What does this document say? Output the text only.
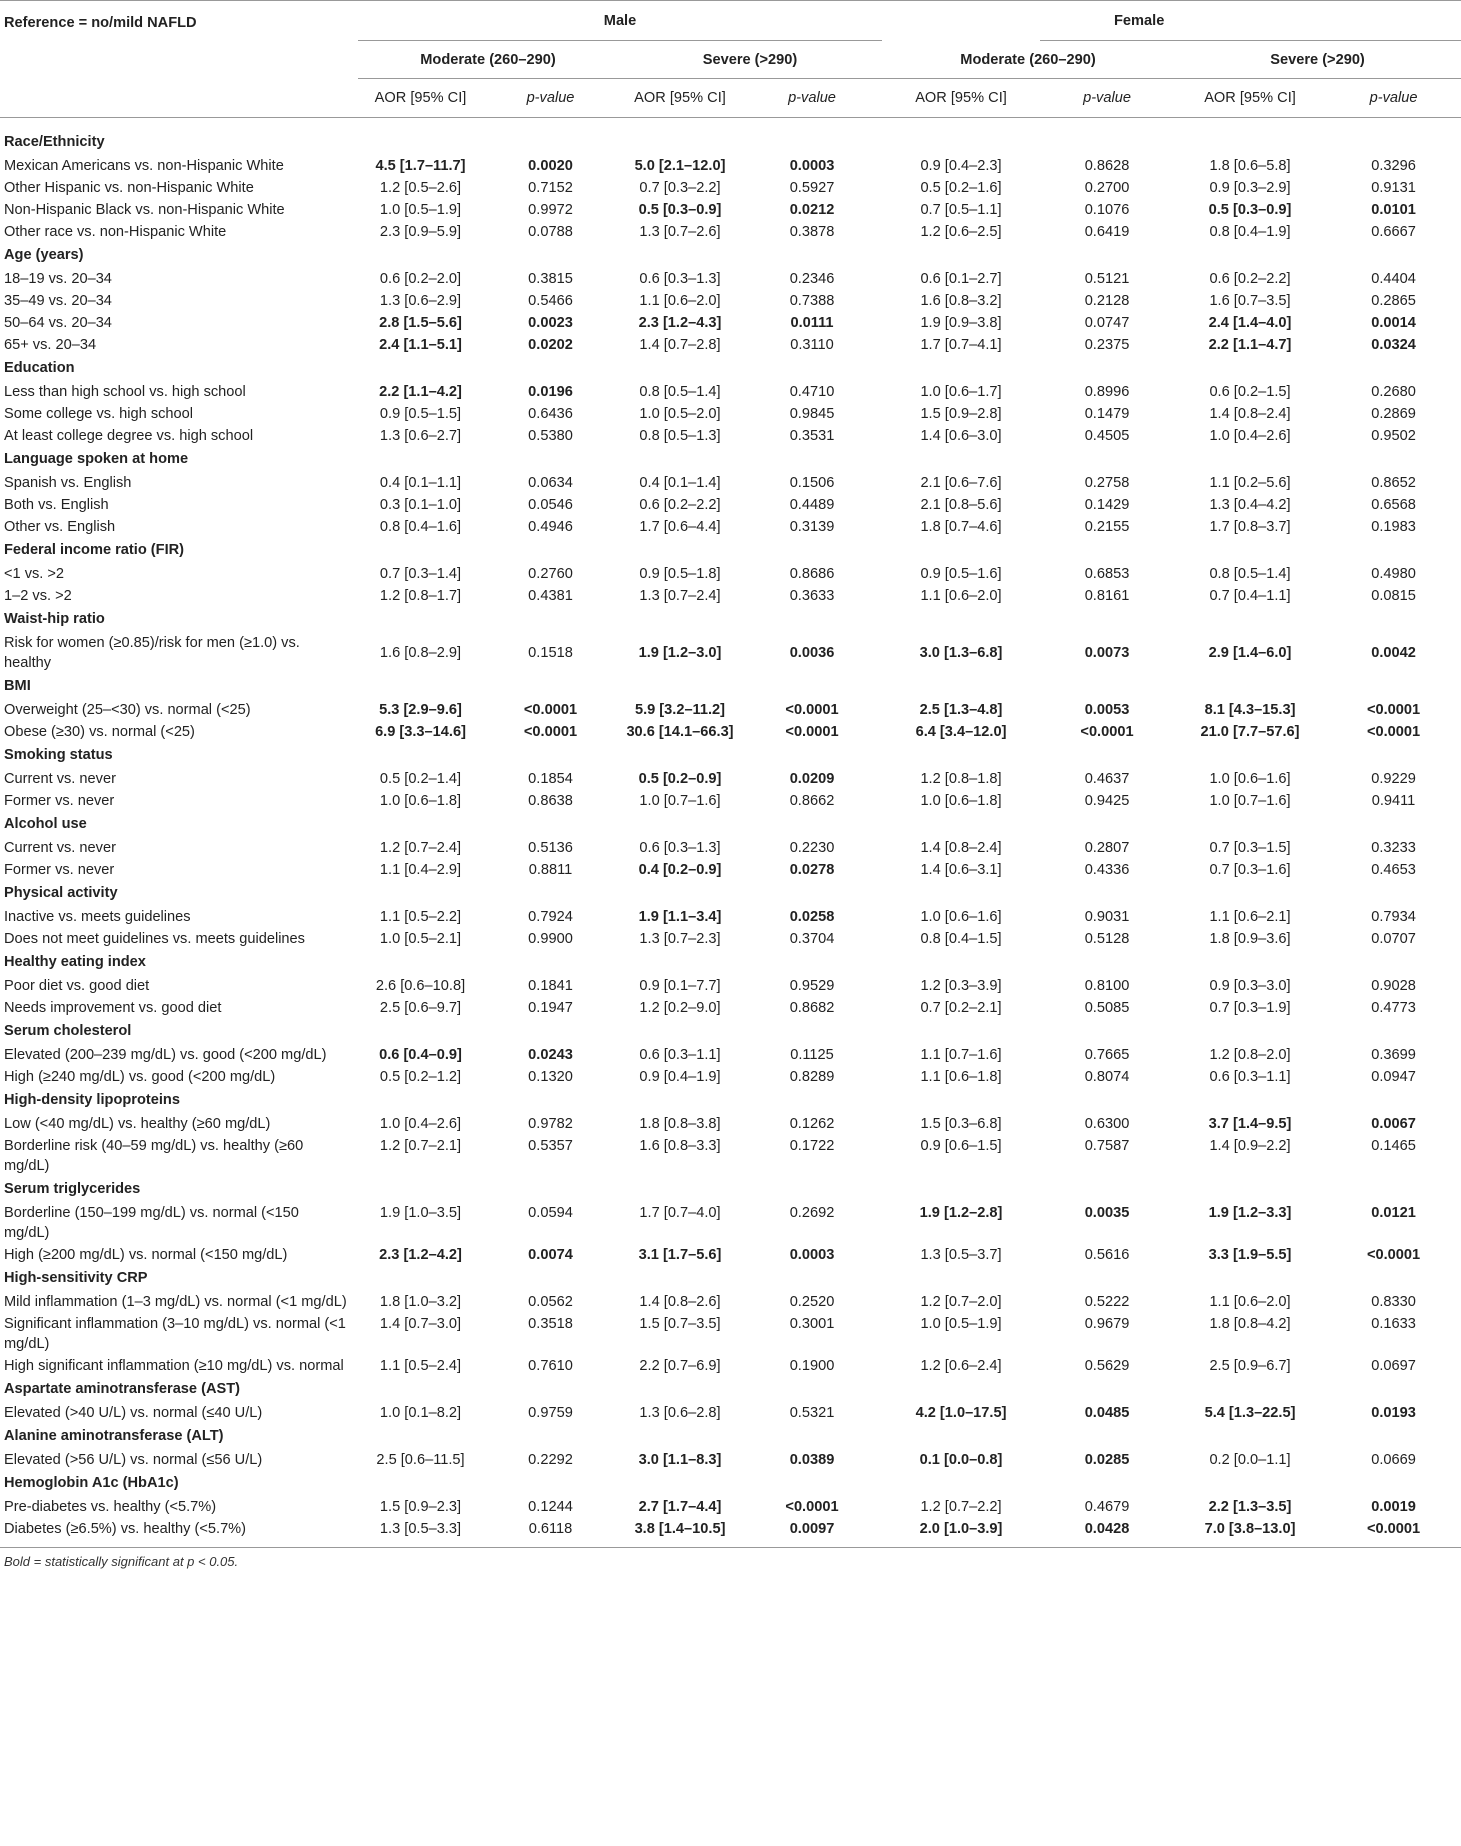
Reference = no/mild NAFLD	Male					Female		
	Moderate (260–290)		Severe (>290)		Moderate (260–290)		Severe (>290)	
	AOR [95% CI]	p-value	AOR [95% CI]	p-value	AOR [95% CI]	p-value	AOR [95% CI]	p-value

Race/Ethnicity								
Mexican Americans vs. non-Hispanic White	4.5 [1.7–11.7]	0.0020	5.0 [2.1–12.0]	0.0003	0.9 [0.4–2.3]	0.8628	1.8 [0.6–5.8]	0.3296
Other Hispanic vs. non-Hispanic White	1.2 [0.5–2.6]	0.7152	0.7 [0.3–2.2]	0.5927	0.5 [0.2–1.6]	0.2700	0.9 [0.3–2.9]	0.9131
Non-Hispanic Black vs. non-Hispanic White	1.0 [0.5–1.9]	0.9972	0.5 [0.3–0.9]	0.0212	0.7 [0.5–1.1]	0.1076	0.5 [0.3–0.9]	0.0101
Other race vs. non-Hispanic White	2.3 [0.9–5.9]	0.0788	1.3 [0.7–2.6]	0.3878	1.2 [0.6–2.5]	0.6419	0.8 [0.4–1.9]	0.6667
Age (years)								
18–19 vs. 20–34	0.6 [0.2–2.0]	0.3815	0.6 [0.3–1.3]	0.2346	0.6 [0.1–2.7]	0.5121	0.6 [0.2–2.2]	0.4404
35–49 vs. 20–34	1.3 [0.6–2.9]	0.5466	1.1 [0.6–2.0]	0.7388	1.6 [0.8–3.2]	0.2128	1.6 [0.7–3.5]	0.2865
50–64 vs. 20–34	2.8 [1.5–5.6]	0.0023	2.3 [1.2–4.3]	0.0111	1.9 [0.9–3.8]	0.0747	2.4 [1.4–4.0]	0.0014
65+ vs. 20–34	2.4 [1.1–5.1]	0.0202	1.4 [0.7–2.8]	0.3110	1.7 [0.7–4.1]	0.2375	2.2 [1.1–4.7]	0.0324
Education								
Less than high school vs. high school	2.2 [1.1–4.2]	0.0196	0.8 [0.5–1.4]	0.4710	1.0 [0.6–1.7]	0.8996	0.6 [0.2–1.5]	0.2680
Some college vs. high school	0.9 [0.5–1.5]	0.6436	1.0 [0.5–2.0]	0.9845	1.5 [0.9–2.8]	0.1479	1.4 [0.8–2.4]	0.2869
At least college degree vs. high school	1.3 [0.6–2.7]	0.5380	0.8 [0.5–1.3]	0.3531	1.4 [0.6–3.0]	0.4505	1.0 [0.4–2.6]	0.9502
Language spoken at home								
Spanish vs. English	0.4 [0.1–1.1]	0.0634	0.4 [0.1–1.4]	0.1506	2.1 [0.6–7.6]	0.2758	1.1 [0.2–5.6]	0.8652
Both vs. English	0.3 [0.1–1.0]	0.0546	0.6 [0.2–2.2]	0.4489	2.1 [0.8–5.6]	0.1429	1.3 [0.4–4.2]	0.6568
Other vs. English	0.8 [0.4–1.6]	0.4946	1.7 [0.6–4.4]	0.3139	1.8 [0.7–4.6]	0.2155	1.7 [0.8–3.7]	0.1983
Federal income ratio (FIR)								
<1 vs. >2	0.7 [0.3–1.4]	0.2760	0.9 [0.5–1.8]	0.8686	0.9 [0.5–1.6]	0.6853	0.8 [0.5–1.4]	0.4980
1–2 vs. >2	1.2 [0.8–1.7]	0.4381	1.3 [0.7–2.4]	0.3633	1.1 [0.6–2.0]	0.8161	0.7 [0.4–1.1]	0.0815
Waist-hip ratio								
Risk for women (≥0.85)/risk for men (≥1.0) vs. healthy	1.6 [0.8–2.9]	0.1518	1.9 [1.2–3.0]	0.0036	3.0 [1.3–6.8]	0.0073	2.9 [1.4–6.0]	0.0042
BMI								
Overweight (25–<30) vs. normal (<25)	5.3 [2.9–9.6]	<0.0001	5.9 [3.2–11.2]	<0.0001	2.5 [1.3–4.8]	0.0053	8.1 [4.3–15.3]	<0.0001
Obese (≥30) vs. normal (<25)	6.9 [3.3–14.6]	<0.0001	30.6 [14.1–66.3]	<0.0001	6.4 [3.4–12.0]	<0.0001	21.0 [7.7–57.6]	<0.0001
Smoking status								
Current vs. never	0.5 [0.2–1.4]	0.1854	0.5 [0.2–0.9]	0.0209	1.2 [0.8–1.8]	0.4637	1.0 [0.6–1.6]	0.9229
Former vs. never	1.0 [0.6–1.8]	0.8638	1.0 [0.7–1.6]	0.8662	1.0 [0.6–1.8]	0.9425	1.0 [0.7–1.6]	0.9411
Alcohol use								
Current vs. never	1.2 [0.7–2.4]	0.5136	0.6 [0.3–1.3]	0.2230	1.4 [0.8–2.4]	0.2807	0.7 [0.3–1.5]	0.3233
Former vs. never	1.1 [0.4–2.9]	0.8811	0.4 [0.2–0.9]	0.0278	1.4 [0.6–3.1]	0.4336	0.7 [0.3–1.6]	0.4653
Physical activity								
Inactive vs. meets guidelines	1.1 [0.5–2.2]	0.7924	1.9 [1.1–3.4]	0.0258	1.0 [0.6–1.6]	0.9031	1.1 [0.6–2.1]	0.7934
Does not meet guidelines vs. meets guidelines	1.0 [0.5–2.1]	0.9900	1.3 [0.7–2.3]	0.3704	0.8 [0.4–1.5]	0.5128	1.8 [0.9–3.6]	0.0707
Healthy eating index								
Poor diet vs. good diet	2.6 [0.6–10.8]	0.1841	0.9 [0.1–7.7]	0.9529	1.2 [0.3–3.9]	0.8100	0.9 [0.3–3.0]	0.9028
Needs improvement vs. good diet	2.5 [0.6–9.7]	0.1947	1.2 [0.2–9.0]	0.8682	0.7 [0.2–2.1]	0.5085	0.7 [0.3–1.9]	0.4773
Serum cholesterol								
Elevated (200–239 mg/dL) vs. good (<200 mg/dL)	0.6 [0.4–0.9]	0.0243	0.6 [0.3–1.1]	0.1125	1.1 [0.7–1.6]	0.7665	1.2 [0.8–2.0]	0.3699
High (≥240 mg/dL) vs. good (<200 mg/dL)	0.5 [0.2–1.2]	0.1320	0.9 [0.4–1.9]	0.8289	1.1 [0.6–1.8]	0.8074	0.6 [0.3–1.1]	0.0947
High-density lipoproteins								
Low (<40 mg/dL) vs. healthy (≥60 mg/dL)	1.0 [0.4–2.6]	0.9782	1.8 [0.8–3.8]	0.1262	1.5 [0.3–6.8]	0.6300	3.7 [1.4–9.5]	0.0067
Borderline risk (40–59 mg/dL) vs. healthy (≥60 mg/dL)	1.2 [0.7–2.1]	0.5357	1.6 [0.8–3.3]	0.1722	0.9 [0.6–1.5]	0.7587	1.4 [0.9–2.2]	0.1465
Serum triglycerides								
Borderline (150–199 mg/dL) vs. normal (<150 mg/dL)	1.9 [1.0–3.5]	0.0594	1.7 [0.7–4.0]	0.2692	1.9 [1.2–2.8]	0.0035	1.9 [1.2–3.3]	0.0121
High (≥200 mg/dL) vs. normal (<150 mg/dL)	2.3 [1.2–4.2]	0.0074	3.1 [1.7–5.6]	0.0003	1.3 [0.5–3.7]	0.5616	3.3 [1.9–5.5]	<0.0001
High-sensitivity CRP								
Mild inflammation (1–3 mg/dL) vs. normal (<1 mg/dL)	1.8 [1.0–3.2]	0.0562	1.4 [0.8–2.6]	0.2520	1.2 [0.7–2.0]	0.5222	1.1 [0.6–2.0]	0.8330
Significant inflammation (3–10 mg/dL) vs. normal (<1 mg/dL)	1.4 [0.7–3.0]	0.3518	1.5 [0.7–3.5]	0.3001	1.0 [0.5–1.9]	0.9679	1.8 [0.8–4.2]	0.1633
High significant inflammation (≥10 mg/dL) vs. normal	1.1 [0.5–2.4]	0.7610	2.2 [0.7–6.9]	0.1900	1.2 [0.6–2.4]	0.5629	2.5 [0.9–6.7]	0.0697
Aspartate aminotransferase (AST)								
Elevated (>40 U/L) vs. normal (≤40 U/L)	1.0 [0.1–8.2]	0.9759	1.3 [0.6–2.8]	0.5321	4.2 [1.0–17.5]	0.0485	5.4 [1.3–22.5]	0.0193
Alanine aminotransferase (ALT)								
Elevated (>56 U/L) vs. normal (≤56 U/L)	2.5 [0.6–11.5]	0.2292	3.0 [1.1–8.3]	0.0389	0.1 [0.0–0.8]	0.0285	0.2 [0.0–1.1]	0.0669
Hemoglobin A1c (HbA1c)								
Pre-diabetes vs. healthy (<5.7%)	1.5 [0.9–2.3]	0.1244	2.7 [1.7–4.4]	<0.0001	1.2 [0.7–2.2]	0.4679	2.2 [1.3–3.5]	0.0019
Diabetes (≥6.5%) vs. healthy (<5.7%)	1.3 [0.5–3.3]	0.6118	3.8 [1.4–10.5]	0.0097	2.0 [1.0–3.9]	0.0428	7.0 [3.8–13.0]	<0.0001
Bold = statistically significant at p < 0.05.
